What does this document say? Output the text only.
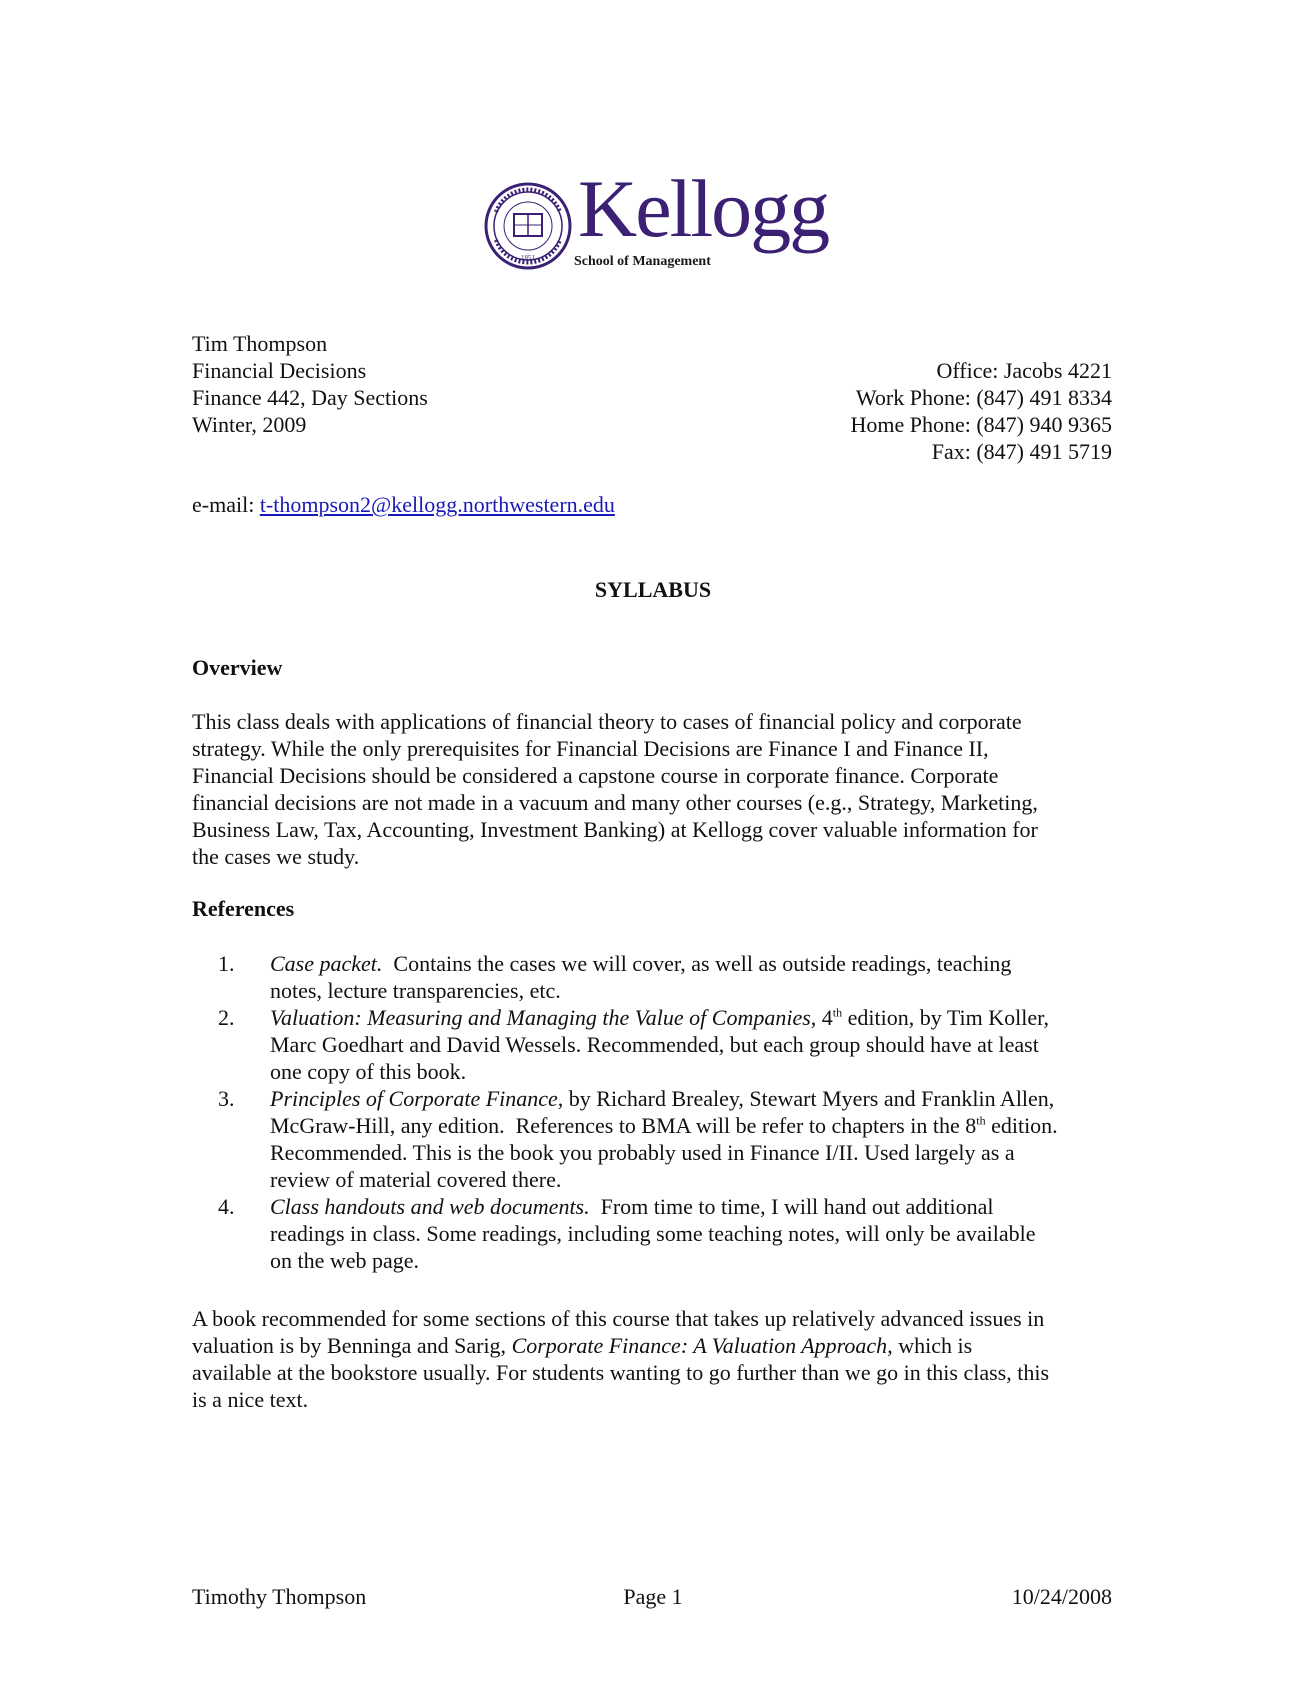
1851
Kellogg
School of Management
Tim Thompson
Financial Decisions
Finance 442, Day Sections
Winter, 2009
Office: Jacobs 4221
Work Phone: (847) 491 8334
Home Phone: (847) 940 9365
Fax: (847) 491 5719
e-mail: t-thompson2@kellogg.northwestern.edu
SYLLABUS
Overview
This class deals with applications of financial theory to cases of financial policy and corporate
strategy. While the only prerequisites for Financial Decisions are Finance I and Finance II,
Financial Decisions should be considered a capstone course in corporate finance. Corporate
financial decisions are not made in a vacuum and many other courses (e.g., Strategy, Marketing,
Business Law, Tax, Accounting, Investment Banking) at Kellogg cover valuable information for
the cases we study.
References
1. Case packet.  Contains the cases we will cover, as well as outside readings, teaching
notes, lecture transparencies, etc.
2. Valuation: Measuring and Managing the Value of Companies, 4th edition, by Tim Koller,
Marc Goedhart and David Wessels. Recommended, but each group should have at least
one copy of this book.
3. Principles of Corporate Finance, by Richard Brealey, Stewart Myers and Franklin Allen,
McGraw-Hill, any edition.  References to BMA will be refer to chapters in the 8th edition.
Recommended. This is the book you probably used in Finance I/II. Used largely as a
review of material covered there.
4. Class handouts and web documents.  From time to time, I will hand out additional
readings in class. Some readings, including some teaching notes, will only be available
on the web page.
A book recommended for some sections of this course that takes up relatively advanced issues in
valuation is by Benninga and Sarig, Corporate Finance: A Valuation Approach, which is
available at the bookstore usually. For students wanting to go further than we go in this class, this
is a nice text.
Timothy Thompson	Page 1	10/24/2008
